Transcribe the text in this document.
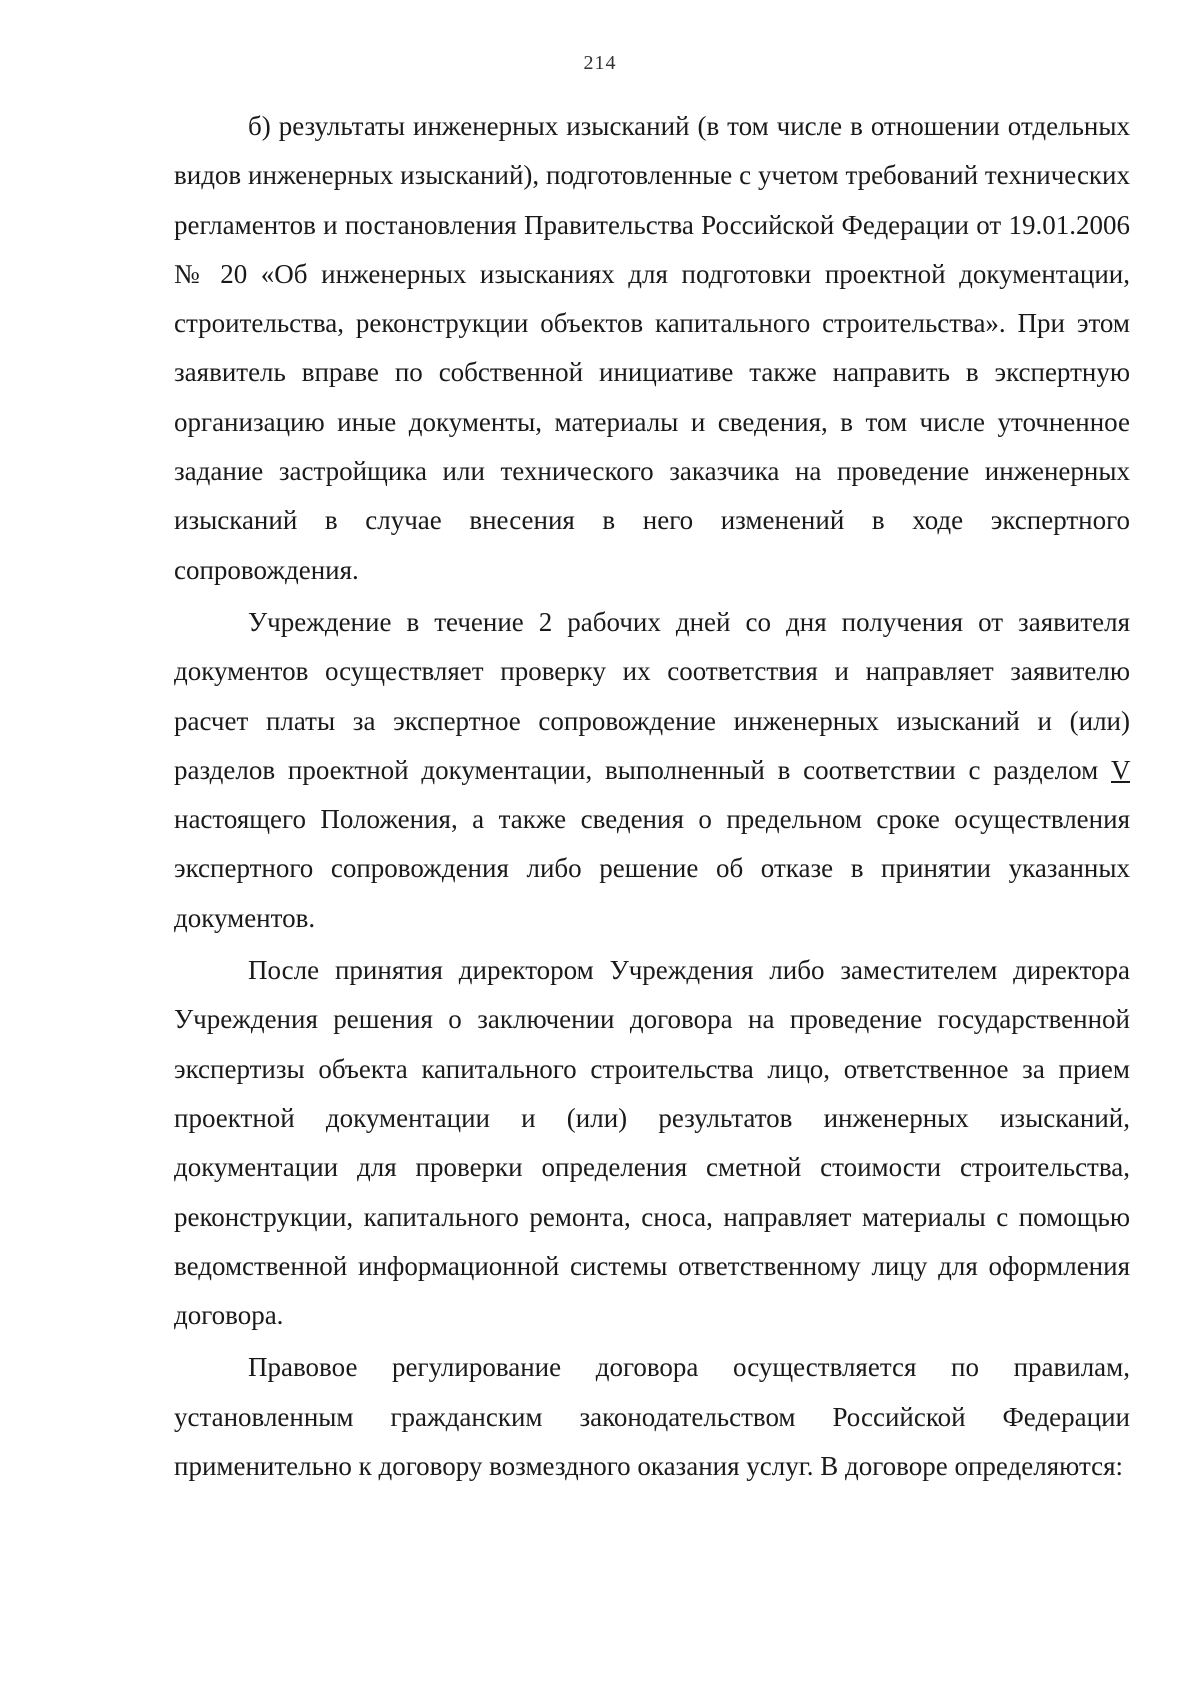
214

б) результаты инженерных изысканий (в том числе в отношении отдельных видов инженерных изысканий), подготовленные с учетом требований технических регламентов и постановления Правительства Российской Федерации от 19.01.2006 № 20 «Об инженерных изысканиях для подготовки проектной документации, строительства, реконструкции объектов капитального строительства». При этом заявитель вправе по собственной инициативе также направить в экспертную организацию иные документы, материалы и сведения, в том числе уточненное задание застройщика или технического заказчика на проведение инженерных изысканий в случае внесения в него изменений в ходе экспертного сопровождения.

Учреждение в течение 2 рабочих дней со дня получения от заявителя документов осуществляет проверку их соответствия и направляет заявителю расчет платы за экспертное сопровождение инженерных изысканий и (или) разделов проектной документации, выполненный в соответствии с разделом V настоящего Положения, а также сведения о предельном сроке осуществления экспертного сопровождения либо решение об отказе в принятии указанных документов.

После принятия директором Учреждения либо заместителем директора Учреждения решения о заключении договора на проведение государственной экспертизы объекта капитального строительства лицо, ответственное за прием проектной документации и (или) результатов инженерных изысканий, документации для проверки определения сметной стоимости строительства, реконструкции, капитального ремонта, сноса, направляет материалы с помощью ведомственной информационной системы ответственному лицу для оформления договора.

Правовое регулирование договора осуществляется по правилам, установленным гражданским законодательством Российской Федерации применительно к договору возмездного оказания услуг. В договоре определяются:
